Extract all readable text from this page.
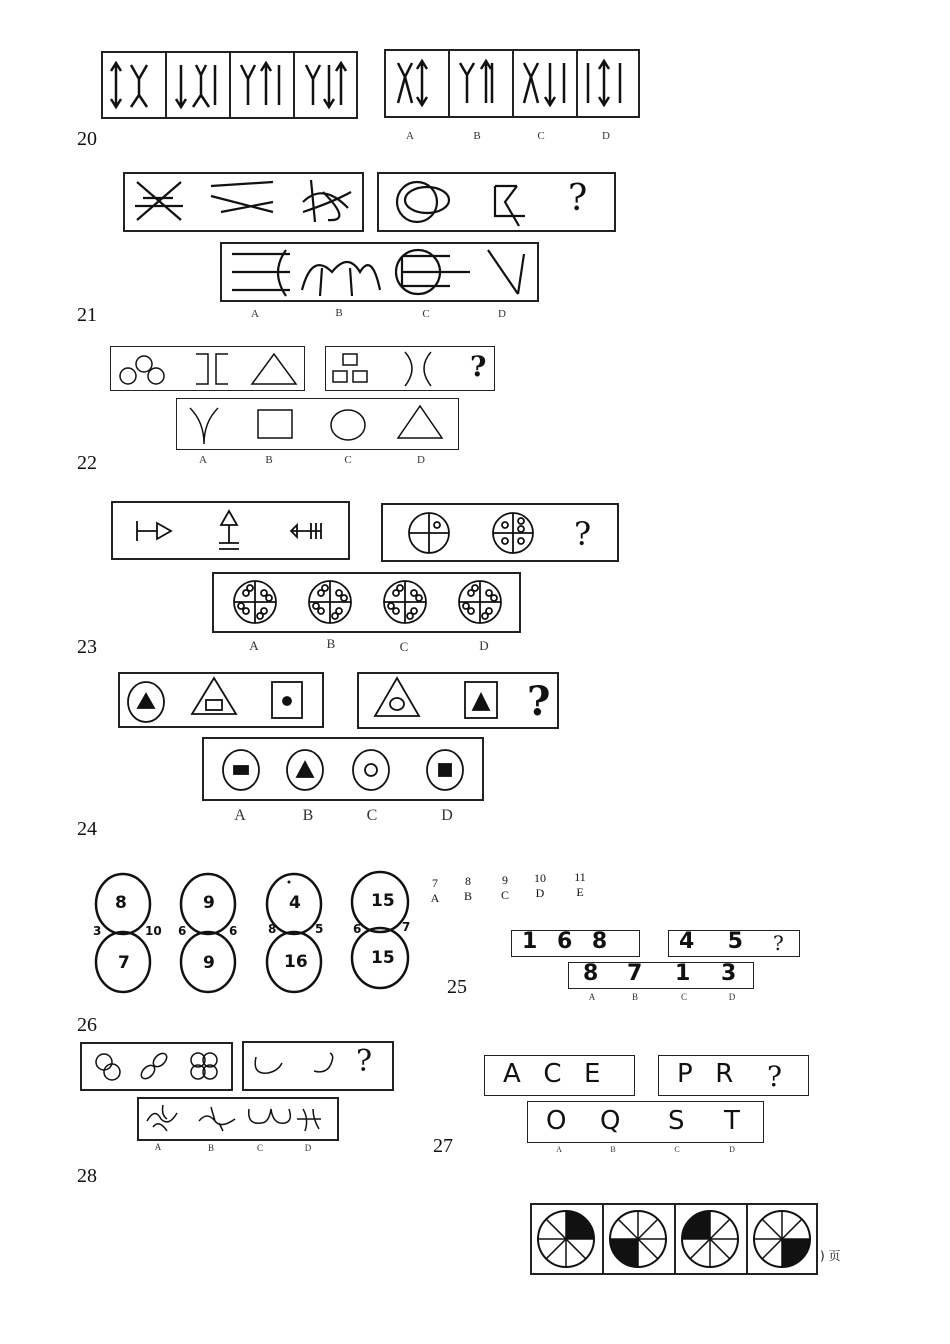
20	A	B	C	D
21
?
A	B	C	D
22
?
A	B	C	D
23
?
A	B	C	D
24
?
A	B	C	D
25
8
7
3	10
9
9
6	6
4
16
8	5
15
15
6	7
7
A
8
B
9
C
10
D
11
E
1 6 8	4  5 ?
8 7 1 3
A	B	C	D
26
?
A	B	C	D	27
A  C  E	P  R ?
O Q S T
A	B	C	D
28
) 页
